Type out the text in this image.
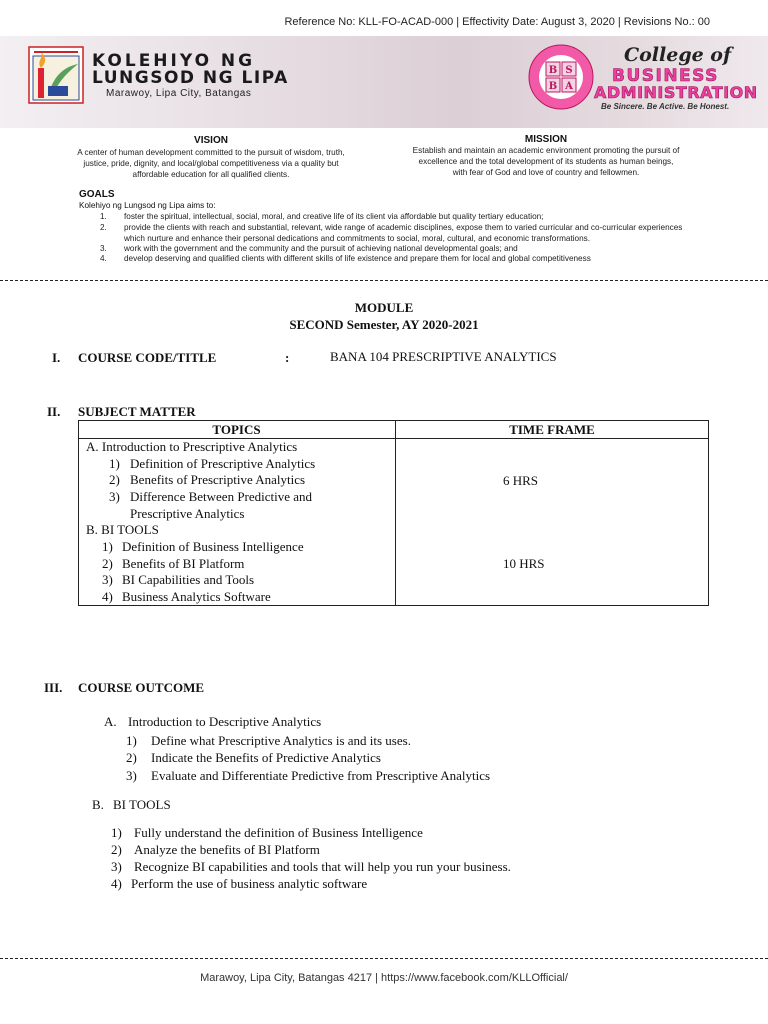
Reference No: KLL-FO-ACAD-000 | Effectivity Date: August 3, 2020 | Revisions No.: 00
KOLEHIYO NG
LUNGSOD NG LIPA
Marawoy, Lipa City, Batangas
B S
B A
College of
BUSINESS
ADMINISTRATION
Be Sincere. Be Active. Be Honest.
VISION
A center of human development committed to the pursuit of wisdom, truth,
justice, pride, dignity, and local/global competitiveness via a quality but
affordable education for all qualified clients.
MISSION
Establish and maintain an academic environment promoting the pursuit of
excellence and the total development of its students as human beings,
with fear of God and love of country and fellowmen.
GOALS
Kolehiyo ng Lungsod ng Lipa aims to:
1. foster the spiritual, intellectual, social, moral, and creative life of its client via affordable but quality tertiary education;
2. provide the clients with reach and substantial, relevant, wide range of academic disciplines, expose them to varied curricular and co-curricular experiences which nurture and enhance their personal dedications and commitments to social, moral, cultural, and economic transformations.
3. work with the government and the community and the pursuit of achieving national developmental goals; and
4. develop deserving and qualified clients with different skills of life existence and prepare them for local and global competitiveness
MODULE
SECOND Semester, AY 2020-2021
I. COURSE CODE/TITLE	:	BANA 104 PRESCRIPTIVE ANALYTICS
II. SUBJECT MATTER
TOPICS	TIME FRAME
A. Introduction to Prescriptive Analytics
1) Definition of Prescriptive Analytics
2) Benefits of Prescriptive Analytics
3) Difference Between Predictive and
Prescriptive Analytics
6 HRS
B. BI TOOLS
1) Definition of Business Intelligence
2) Benefits of BI Platform
3) BI Capabilities and Tools
4) Business Analytics Software
10 HRS
III. COURSE OUTCOME
A. Introduction to Descriptive Analytics
1) Define what Prescriptive Analytics is and its uses.
2) Indicate the Benefits of Predictive Analytics
3) Evaluate and Differentiate Predictive from Prescriptive Analytics
B. BI TOOLS
1) Fully understand the definition of Business Intelligence
2) Analyze the benefits of BI Platform
3) Recognize BI capabilities and tools that will help you run your business.
4) Perform the use of business analytic software
Marawoy, Lipa City, Batangas 4217 | https://www.facebook.com/KLLOfficial/
